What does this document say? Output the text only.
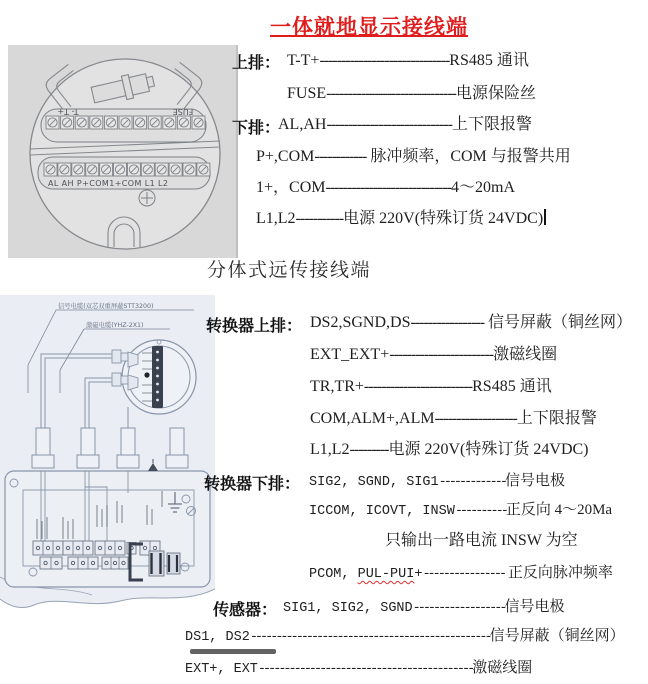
T- T+	FUSE
AL AH P+COM1+COM L1 L2
信号电缆(双芯双重屏蔽STT3200)
激磁电缆(YHZ-2X1)
一体就地显示接线端
分体式远传接线端
上排： T-T+------------------------------RS485 通讯
FUSE------------------------------电源保险丝
下排：
AL,AH-----------------------------上下限报警
P+,COM------------ 脉冲频率，COM 与报警共用
1+，COM-----------------------------4～20mA
L1,L2-----------电源 220V(特殊订货 24VDC)
转换器上排： DS2,SGND,DS----------------- 信号屏蔽（铜丝网）
EXT_EXT+------------------------激磁线圈
TR,TR+-------------------------RS485 通讯
COM,ALM+,ALM-------------------上下限报警
L1,L2---------电源 220V(特殊订货 24VDC)
转换器下排： SIG2, SGND, SIG1-------------信号电极
ICCOM, ICOVT, INSW----------正反向 4～20Ma
只输出一路电流 INSW 为空
PCOM, PUL-PUI+---------------- 正反向脉冲频率
传感器： SIG1, SIG2, SGND------------------信号电极
DS1, DS2-----------------------------------------------信号屏蔽（铜丝网）
EXT+, EXT------------------------------------------激磁线圈
